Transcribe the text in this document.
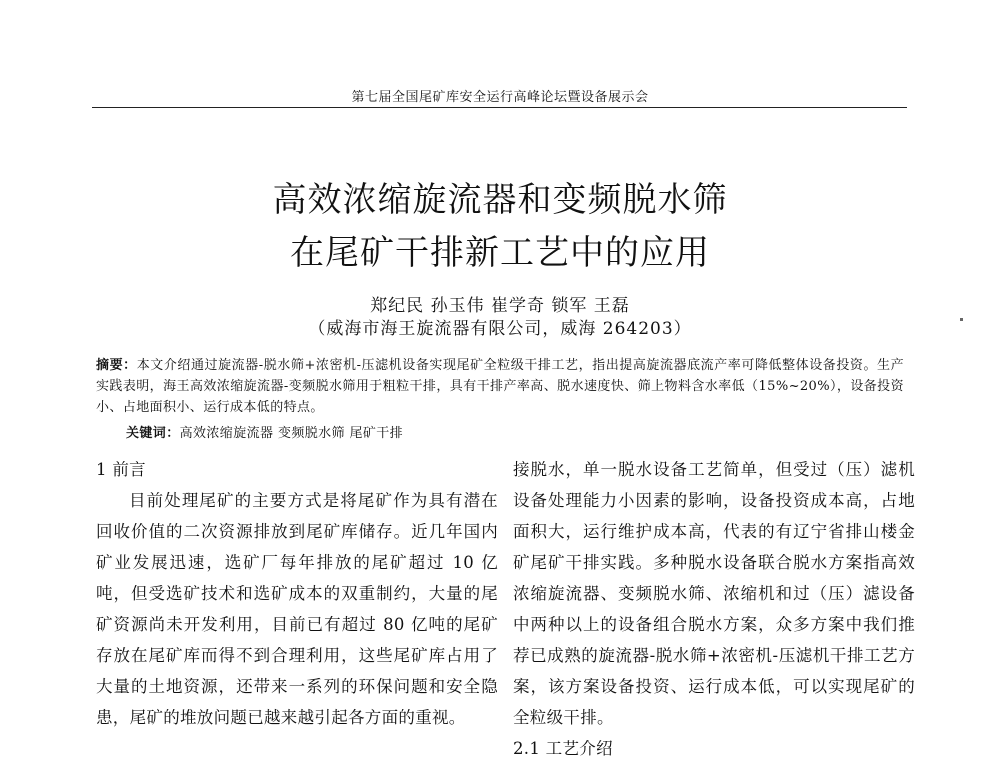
第七届全国尾矿库安全运行高峰论坛暨设备展示会
高效浓缩旋流器和变频脱水筛
在尾矿干排新工艺中的应用
郑纪民 孙玉伟 崔学奇 锁军 王磊
（威海市海王旋流器有限公司，威海 264203）
摘要：本文介绍通过旋流器-脱水筛+浓密机-压滤机设备实现尾矿全粒级干排工艺，指出提高旋流器底流产率可降低整体设备投资。生产实践表明，海王高效浓缩旋流器-变频脱水筛用于粗粒干排，具有干排产率高、脱水速度快、筛上物料含水率低（15%~20%），设备投资小、占地面积小、运行成本低的特点。
关键词：高效浓缩旋流器 变频脱水筛 尾矿干排

1 前言

目前处理尾矿的主要方式是将尾矿作为具有潜在回收价值的二次资源排放到尾矿库储存。近几年国内矿业发展迅速，选矿厂每年排放的尾矿超过 10 亿吨，但受选矿技术和选矿成本的双重制约，大量的尾矿资源尚未开发利用，目前已有超过 80 亿吨的尾矿存放在尾矿库而得不到合理利用，这些尾矿库占用了大量的土地资源，还带来一系列的环保问题和安全隐患，尾矿的堆放问题已越来越引起各方面的重视。

接脱水，单一脱水设备工艺简单，但受过（压）滤机设备处理能力小因素的影响，设备投资成本高，占地面积大，运行维护成本高，代表的有辽宁省排山楼金矿尾矿干排实践。多种脱水设备联合脱水方案指高效浓缩旋流器、变频脱水筛、浓缩机和过（压）滤设备中两种以上的设备组合脱水方案，众多方案中我们推荐已成熟的旋流器-脱水筛+浓密机-压滤机干排工艺方案，该方案设备投资、运行成本低，可以实现尾矿的全粒级干排。

2.1 工艺介绍
